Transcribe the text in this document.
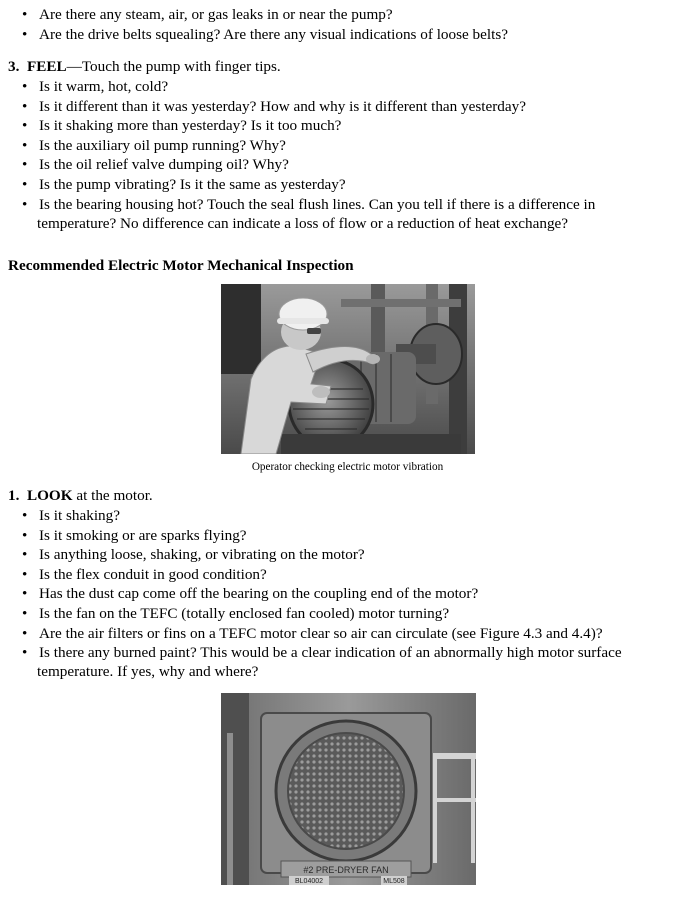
• Are there any steam, air, or gas leaks in or near the pump?
• Are the drive belts squealing? Are there any visual indications of loose belts?
3. FEEL—Touch the pump with finger tips.
• Is it warm, hot, cold?
• Is it different than it was yesterday? How and why is it different than yesterday?
• Is it shaking more than yesterday? Is it too much?
• Is the auxiliary oil pump running? Why?
• Is the oil relief valve dumping oil? Why?
• Is the pump vibrating? Is it the same as yesterday?
• Is the bearing housing hot? Touch the seal flush lines. Can you tell if there is a difference in
temperature? No difference can indicate a loss of flow or a reduction of heat exchange?
Recommended Electric Motor Mechanical Inspection
Operator checking electric motor vibration
1. LOOK at the motor.
• Is it shaking?
• Is it smoking or are sparks flying?
• Is anything loose, shaking, or vibrating on the motor?
• Is the flex conduit in good condition?
• Has the dust cap come off the bearing on the coupling end of the motor?
• Is the fan on the TEFC (totally enclosed fan cooled) motor turning?
• Are the air filters or fins on a TEFC motor clear so air can circulate (see Figure 4.3 and 4.4)?
• Is there any burned paint? This would be a clear indication of an abnormally high motor surface
temperature. If yes, why and where?
#2 PRE-DRYER FAN
BL04002	ML508
